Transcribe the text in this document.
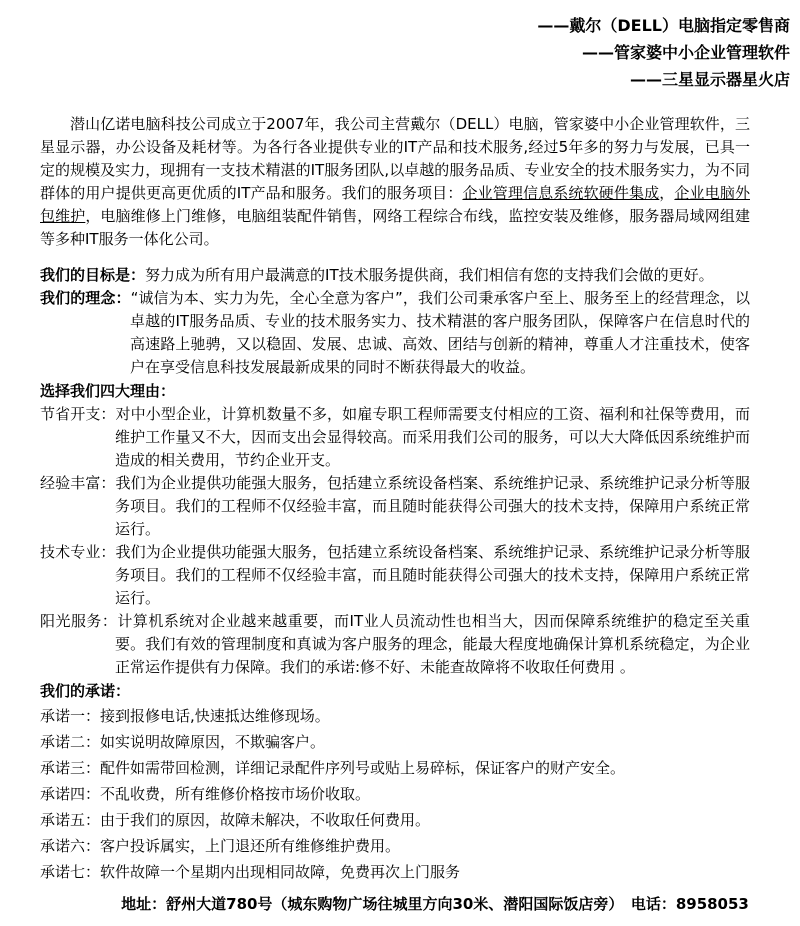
——戴尔（DELL）电脑指定零售商
——管家婆中小企业管理软件
——三星显示器星火店

潜山亿诺电脑科技公司成立于2007年，我公司主营戴尔（DELL）电脑，管家婆中小企业管理软件，三星显示器，办公设备及耗材等。为各行各业提供专业的IT产品和技术服务,经过5年多的努力与发展，已具一定的规模及实力，现拥有一支技术精湛的IT服务团队,以卓越的服务品质、专业安全的技术服务实力，为不同群体的用户提供更高更优质的IT产品和服务。我们的服务项目：企业管理信息系统软硬件集成，企业电脑外包维护，电脑维修上门维修，电脑组装配件销售，网络工程综合布线，监控安装及维修，服务器局域网组建等多种IT服务一体化公司。

我们的目标是：努力成为所有用户最满意的IT技术服务提供商，我们相信有您的支持我们会做的更好。

我们的理念：“诚信为本、实力为先，全心全意为客户”，我们公司秉承客户至上、服务至上的经营理念，以卓越的IT服务品质、专业的技术服务实力、技术精湛的客户服务团队，保障客户在信息时代的高速路上驰骋，又以稳固、发展、忠诚、高效、团结与创新的精神，尊重人才注重技术，使客户在享受信息科技发展最新成果的同时不断获得最大的收益。

选择我们四大理由：

节省开支：对中小型企业，计算机数量不多，如雇专职工程师需要支付相应的工资、福利和社保等费用，而维护工作量又不大，因而支出会显得较高。而采用我们公司的服务，可以大大降低因系统维护而造成的相关费用，节约企业开支。

经验丰富：我们为企业提供功能强大服务，包括建立系统设备档案、系统维护记录、系统维护记录分析等服务项目。我们的工程师不仅经验丰富，而且随时能获得公司强大的技术支持，保障用户系统正常运行。

技术专业：我们为企业提供功能强大服务，包括建立系统设备档案、系统维护记录、系统维护记录分析等服务项目。我们的工程师不仅经验丰富，而且随时能获得公司强大的技术支持，保障用户系统正常运行。

阳光服务：计算机系统对企业越来越重要，而IT业人员流动性也相当大，因而保障系统维护的稳定至关重要。我们有效的管理制度和真诚为客户服务的理念，能最大程度地确保计算机系统稳定，为企业正常运作提供有力保障。我们的承诺:修不好、未能查故障将不收取任何费用 。

我们的承诺：

承诺一：接到报修电话,快速抵达维修现场。

承诺二：如实说明故障原因，不欺骗客户。

承诺三：配件如需带回检测，详细记录配件序列号或贴上易碎标，保证客户的财产安全。

承诺四：不乱收费，所有维修价格按市场价收取。

承诺五：由于我们的原因，故障未解决，不收取任何费用。

承诺六：客户投诉属实，上门退还所有维修维护费用。

承诺七：软件故障一个星期内出现相同故障，免费再次上门服务

地址：舒州大道780号（城东购物广场往城里方向30米、潜阳国际饭店旁）　电话：8958053
